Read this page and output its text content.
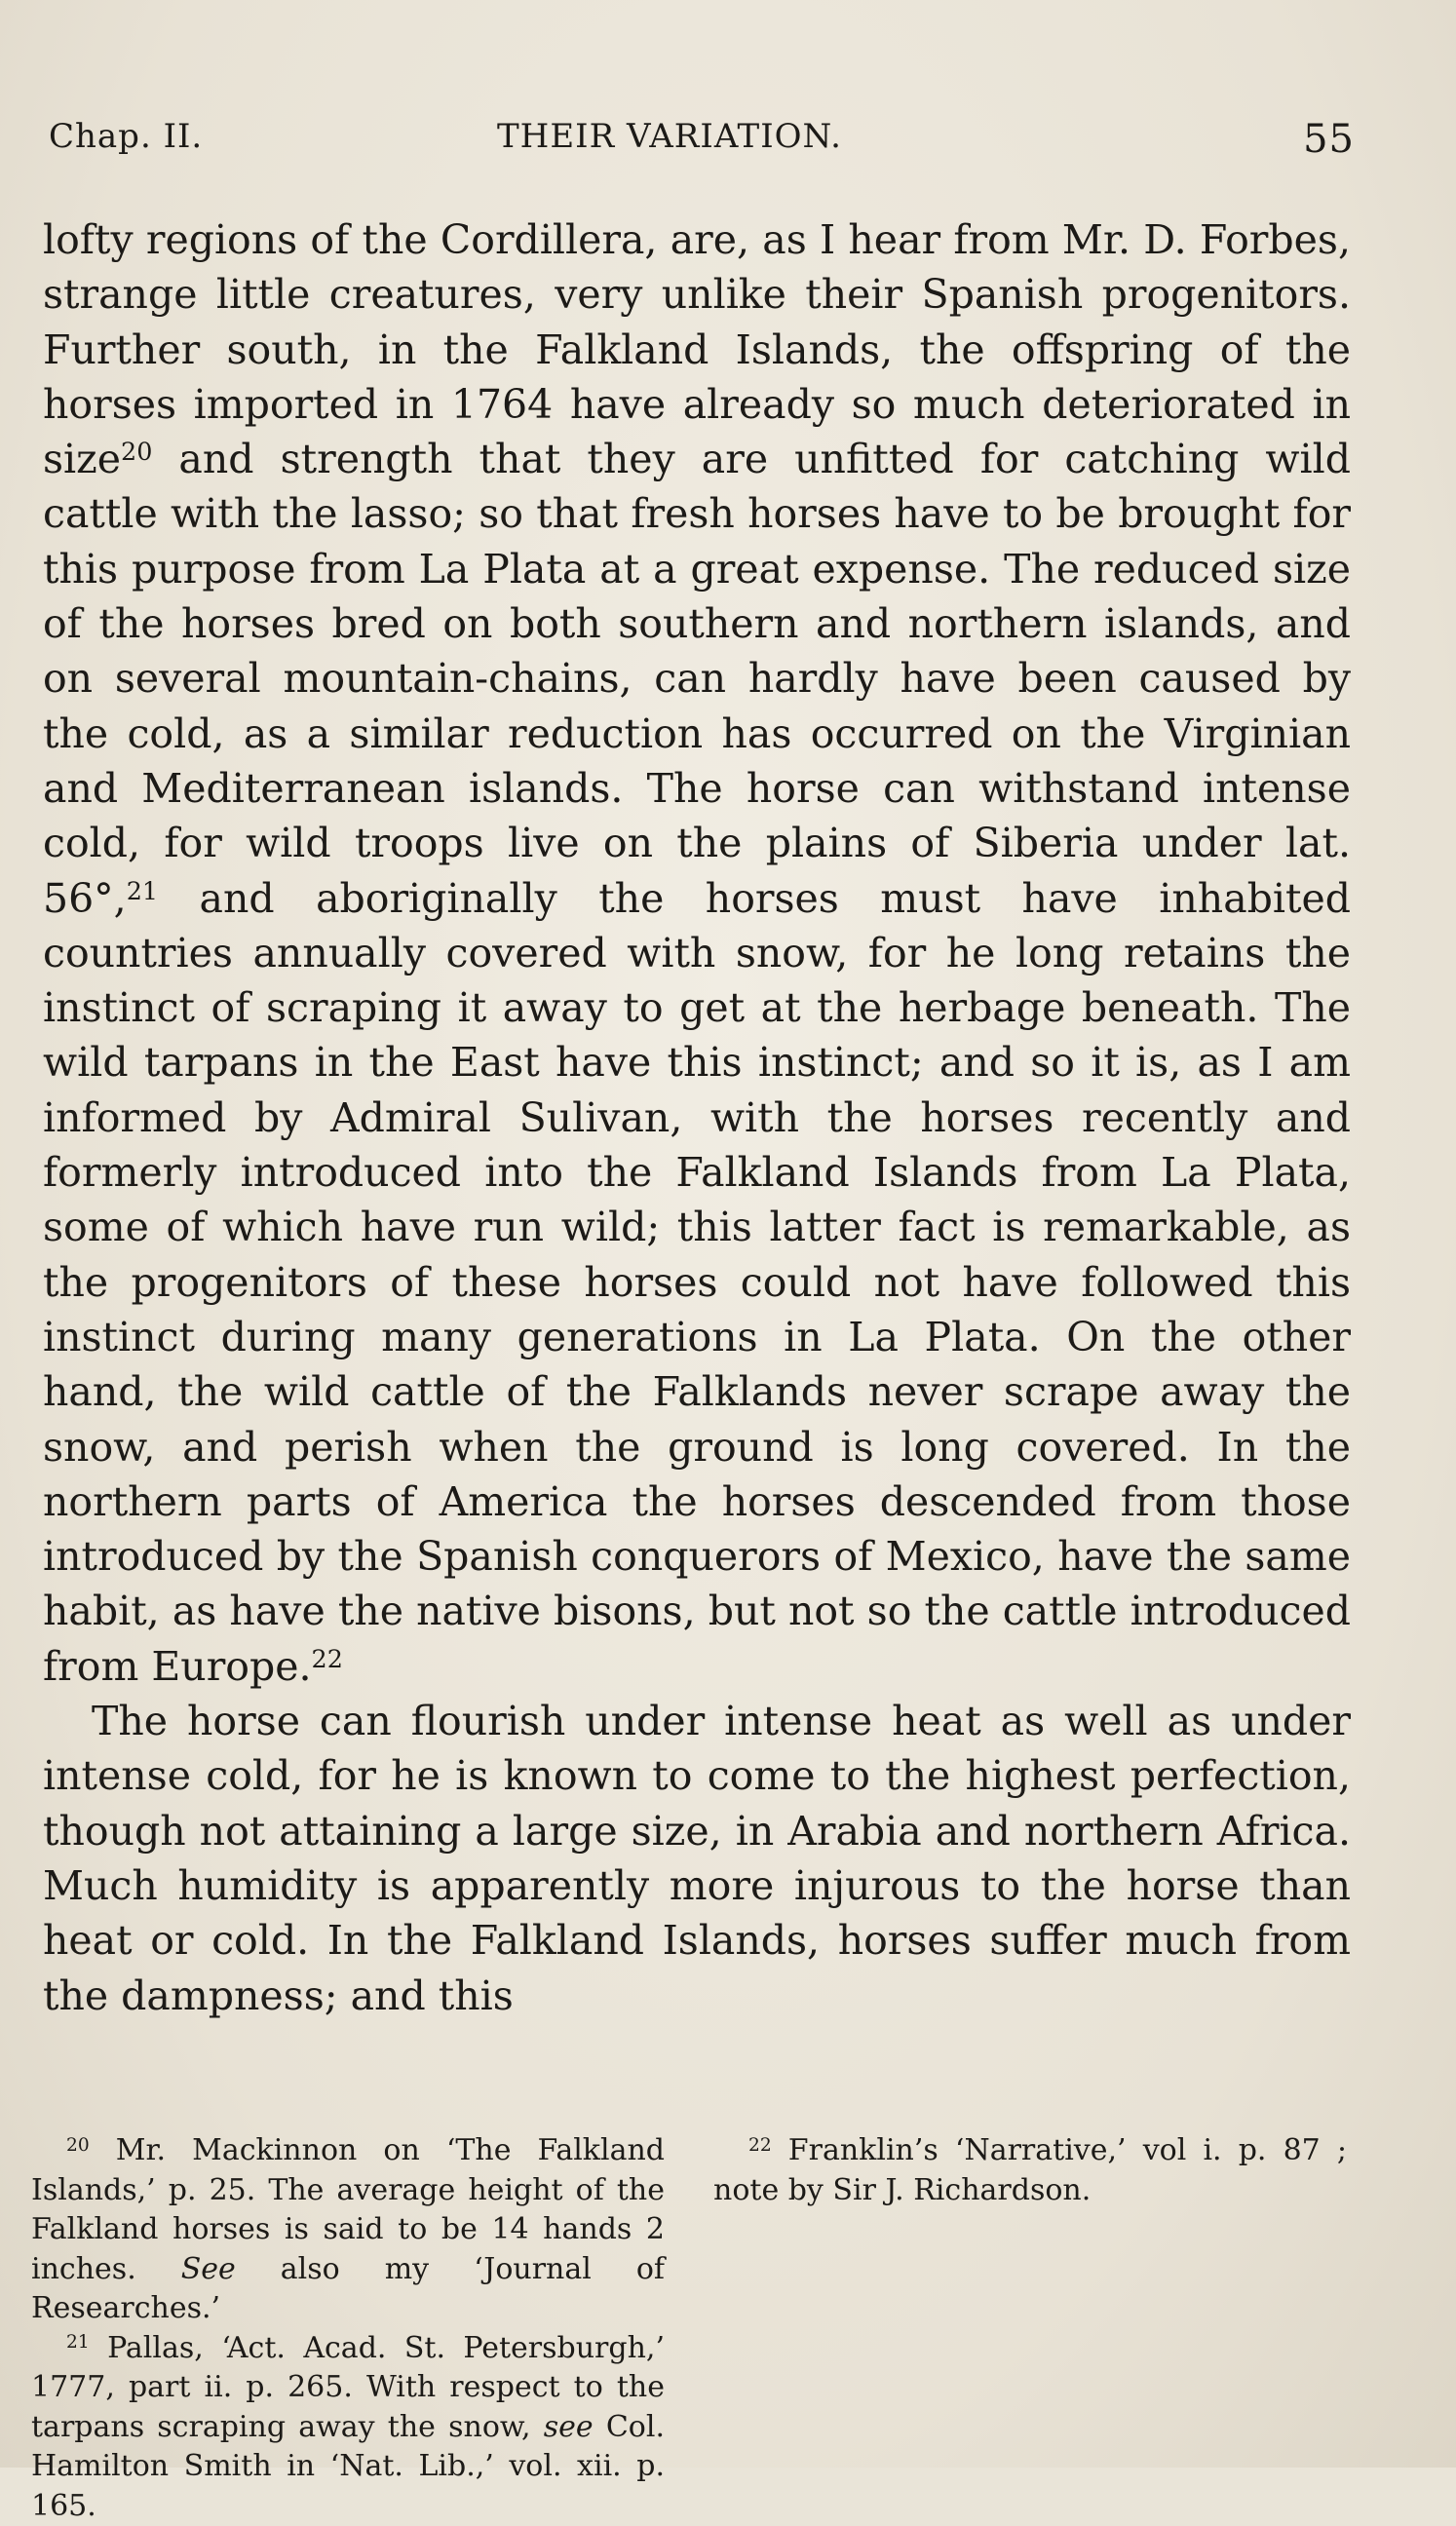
Chap. II.	THEIR VARIATION.	55

lofty regions of the Cordillera, are, as I hear from Mr. D. Forbes, strange little creatures, very unlike their Spanish progenitors. Further south, in the Falkland Islands, the offspring of the horses imported in 1764 have already so much deteriorated in size$^{20}$ and strength that they are unfitted for catching wild cattle with the lasso; so that fresh horses have to be brought for this purpose from La Plata at a great expense. The reduced size of the horses bred on both southern and northern islands, and on several mountain-chains, can hardly have been caused by the cold, as a similar reduction has occurred on the Virginian and Mediterranean islands. The horse can withstand intense cold, for wild troops live on the plains of Siberia under lat. 56°,$^{21}$ and aboriginally the horses must have inhabited countries annually covered with snow, for he long retains the instinct of scraping it away to get at the herbage beneath. The wild tarpans in the East have this instinct; and so it is, as I am informed by Admiral Sulivan, with the horses recently and formerly introduced into the Falkland Islands from La Plata, some of which have run wild; this latter fact is remarkable, as the progenitors of these horses could not have followed this instinct during many generations in La Plata. On the other hand, the wild cattle of the Falklands never scrape away the snow, and perish when the ground is long covered. In the northern parts of America the horses descended from those introduced by the Spanish conquerors of Mexico, have the same habit, as have the native bisons, but not so the cattle introduced from Europe.$^{22}$

The horse can flourish under intense heat as well as under intense cold, for he is known to come to the highest perfection, though not attaining a large size, in Arabia and northern Africa. Much humidity is apparently more injurous to the horse than heat or cold. In the Falkland Islands, horses suffer much from the dampness; and this

$^{20}$ Mr. Mackinnon on ‘The Falkland Islands,’ p. 25. The average height of the Falkland horses is said to be 14 hands 2 inches. See also my ‘Journal of Researches.’

$^{21}$ Pallas, ‘Act. Acad. St. Petersburgh,’ 1777, part ii. p. 265. With respect to the tarpans scraping away the snow, see Col. Hamilton Smith in ‘Nat. Lib.,’ vol. xii. p. 165.

$^{22}$ Franklin’s ‘Narrative,’ vol i. p. 87 ; note by Sir J. Richardson.
